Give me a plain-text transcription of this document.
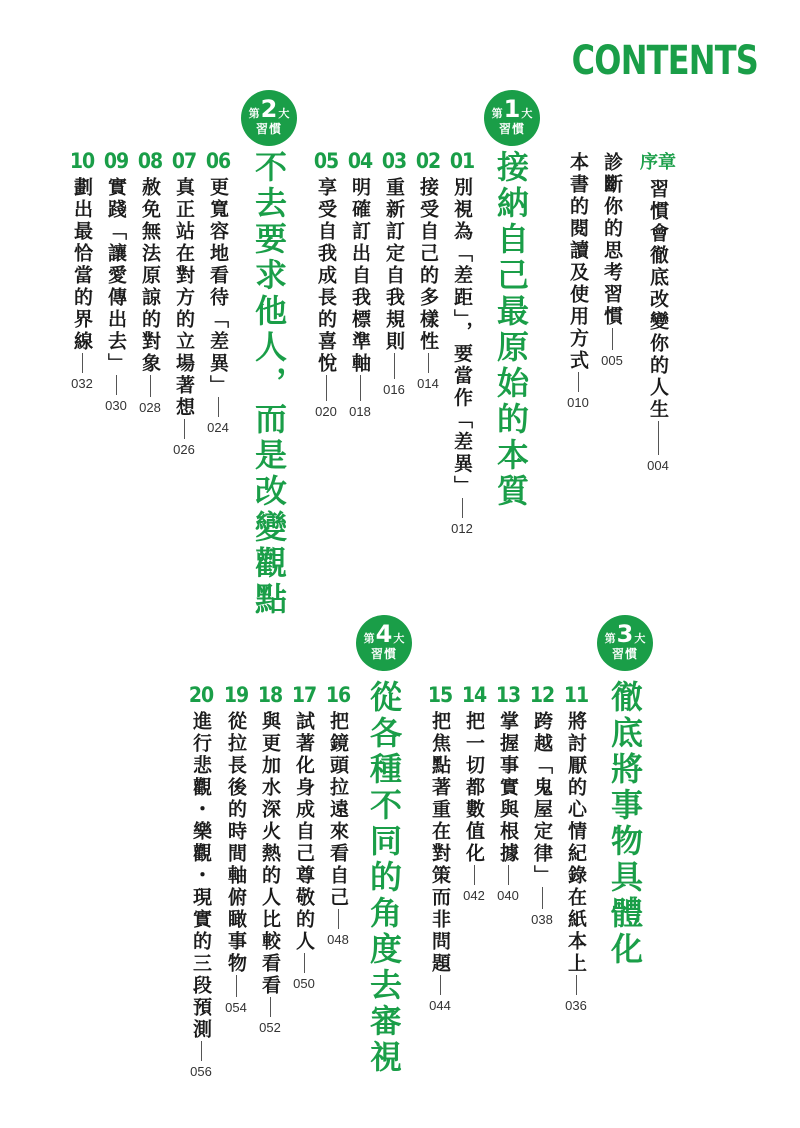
CONTENTS
序章
習慣會徹底改變你的人生
004
診斷你的思考習慣
005
本書的閱讀及使用方式
010
第 1 大
習慣
接納自己最原始的本質
01
別視為「差距」，要當作「差異」
012
02
接受自己的多樣性
014
03
重新訂定自我規則
016
04
明確訂出自我標準軸
018
05
享受自我成長的喜悅
020
第 2 大
習慣
不去要求他人，而是改變觀點
06
更寬容地看待「差異」
024
07
真正站在對方的立場著想
026
08
赦免無法原諒的對象
028
09
實踐「讓愛傳出去」
030
10
劃出最恰當的界線
032
第 3 大
習慣
徹底將事物具體化
11
將討厭的心情紀錄在紙本上
036
12
跨越「鬼屋定律」
038
13
掌握事實與根據
040
14
把一切都數值化
042
15
把焦點著重在對策而非問題
044
第 4 大
習慣
從各種不同的角度去審視
16
把鏡頭拉遠來看自己
048
17
試著化身成自己尊敬的人
050
18
與更加水深火熱的人比較看看
052
19
從拉長後的時間軸俯瞰事物
054
20
進行悲觀・樂觀・現實的三段預測
056
